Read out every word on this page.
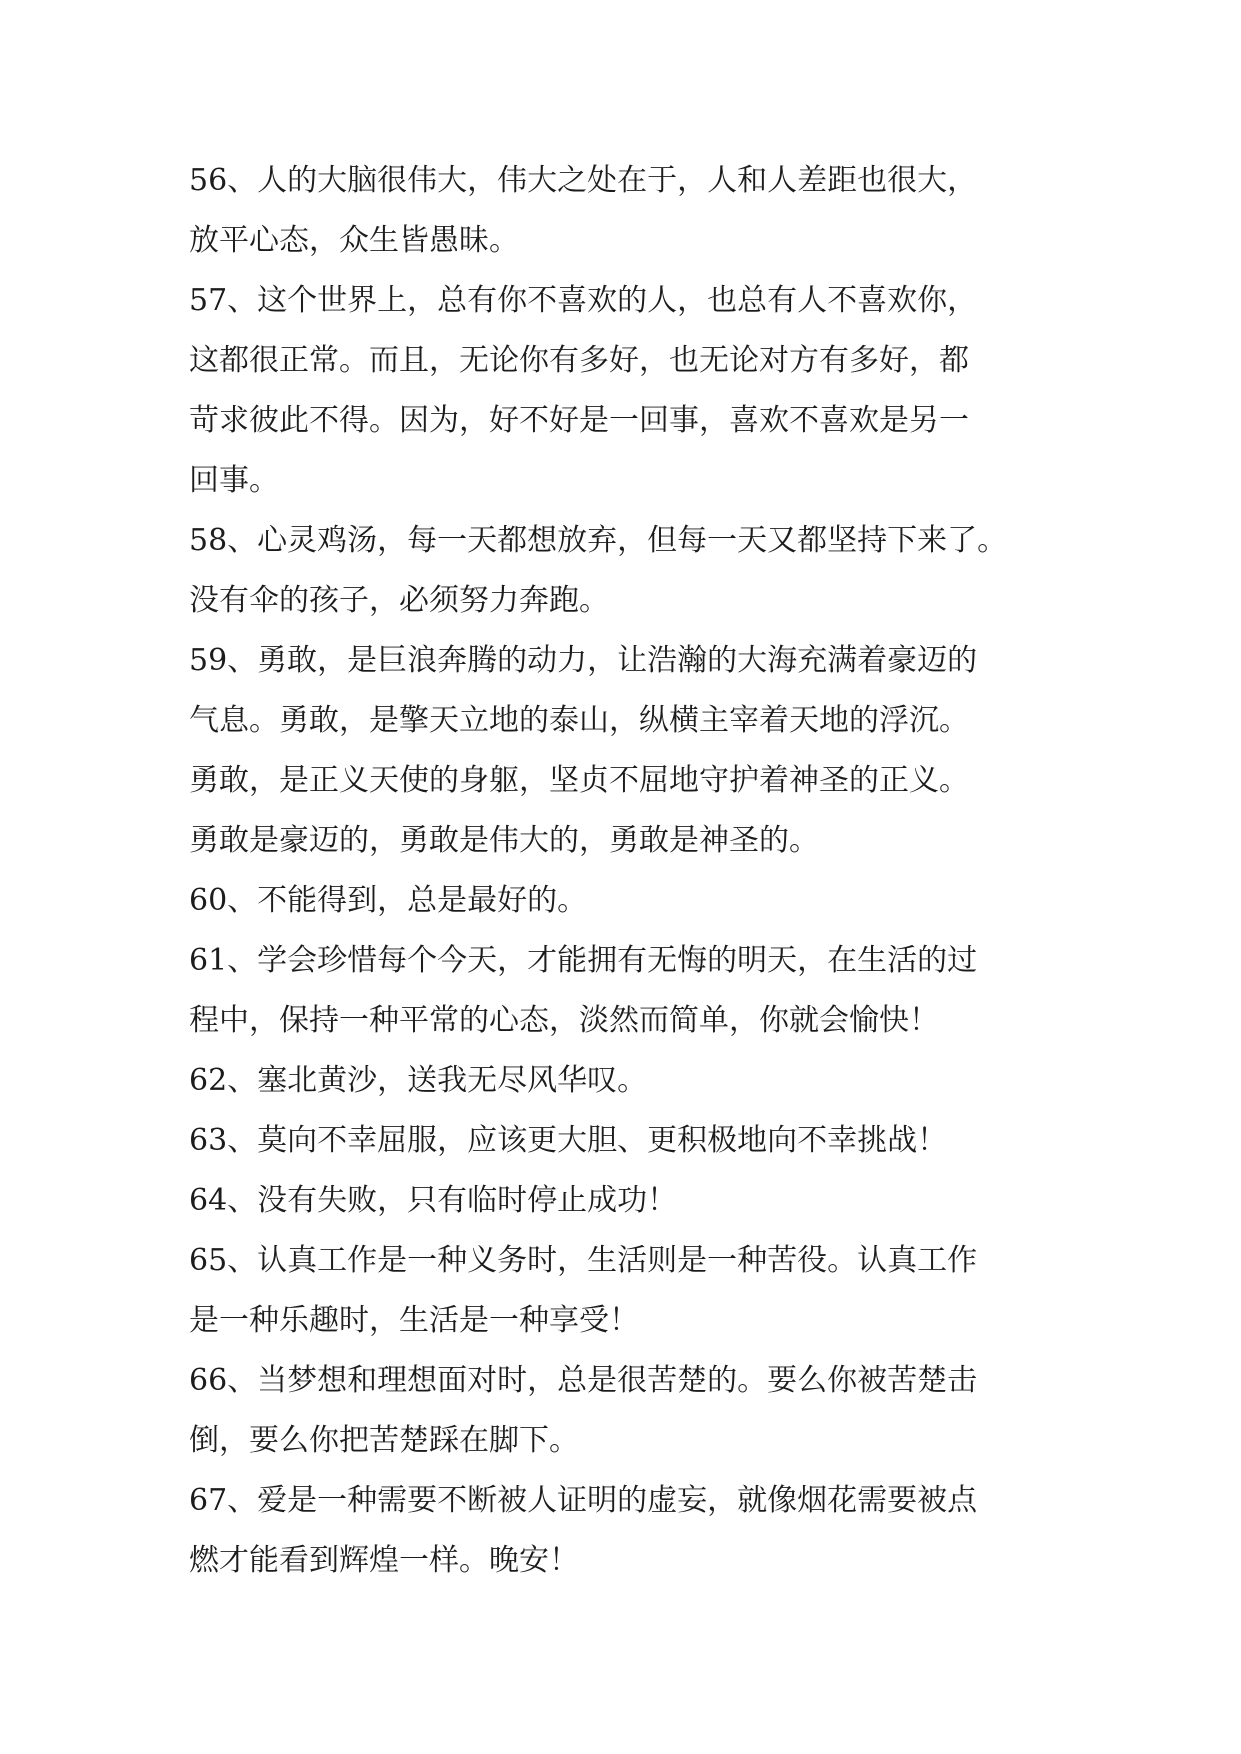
56、人的大脑很伟大，伟大之处在于，人和人差距也很大，
放平心态，众生皆愚昧。
57、这个世界上，总有你不喜欢的人，也总有人不喜欢你，
这都很正常。而且，无论你有多好，也无论对方有多好，都
苛求彼此不得。因为，好不好是一回事，喜欢不喜欢是另一
回事。
58、心灵鸡汤，每一天都想放弃，但每一天又都坚持下来了。
没有伞的孩子，必须努力奔跑。
59、勇敢，是巨浪奔腾的动力，让浩瀚的大海充满着豪迈的
气息。勇敢，是擎天立地的泰山，纵横主宰着天地的浮沉。
勇敢，是正义天使的身躯，坚贞不屈地守护着神圣的正义。
勇敢是豪迈的，勇敢是伟大的，勇敢是神圣的。
60、不能得到，总是最好的。
61、学会珍惜每个今天，才能拥有无悔的明天，在生活的过
程中，保持一种平常的心态，淡然而简单，你就会愉快！
62、塞北黄沙，送我无尽风华叹。
63、莫向不幸屈服，应该更大胆、更积极地向不幸挑战！
64、没有失败，只有临时停止成功！
65、认真工作是一种义务时，生活则是一种苦役。认真工作
是一种乐趣时，生活是一种享受！
66、当梦想和理想面对时，总是很苦楚的。要么你被苦楚击
倒，要么你把苦楚踩在脚下。
67、爱是一种需要不断被人证明的虚妄，就像烟花需要被点
燃才能看到辉煌一样。晚安！
